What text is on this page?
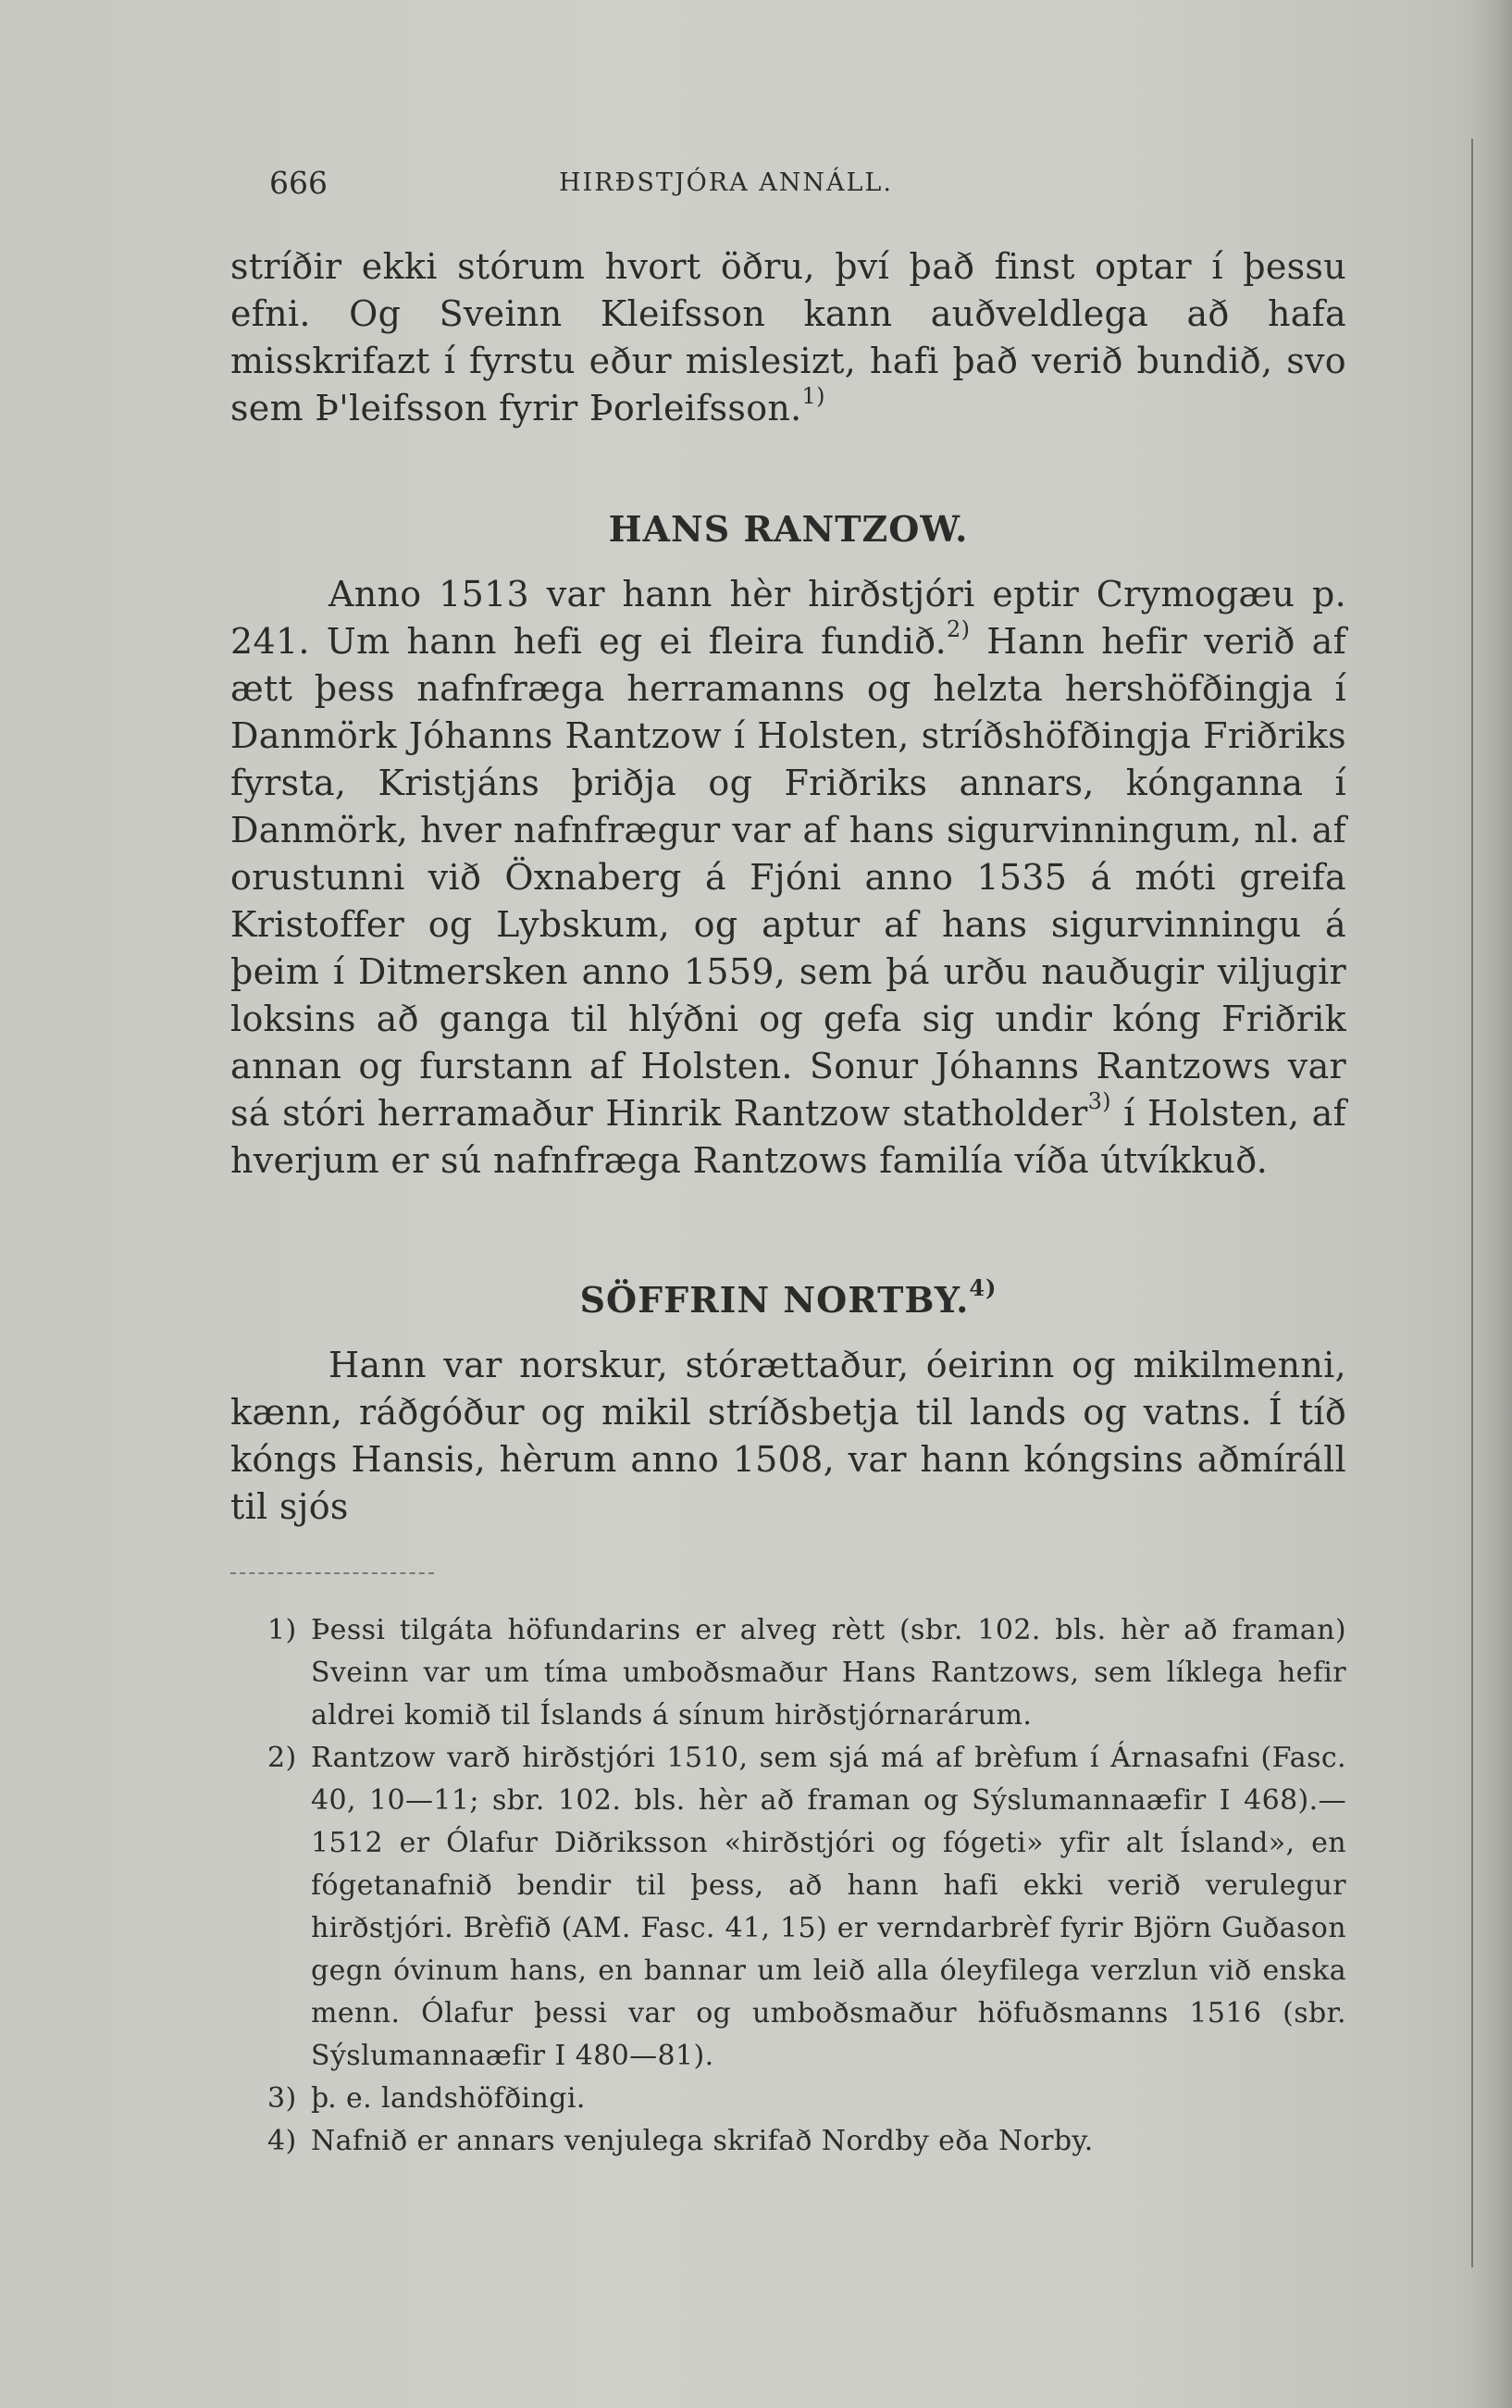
666	HIRÐSTJÓRA ANNÁLL.

stríðir ekki stórum hvort öðru, því það finst optar í þessu efni. Og Sveinn Kleifsson kann auðveldlega að hafa misskrifazt í fyrstu eður mislesizt, hafi það verið bundið, svo sem Þ'leifsson fyrir Þorleifsson.$^{1)}$

HANS RANTZOW.

Anno 1513 var hann hèr hirðstjóri eptir Crymogæu p. 241. Um hann hefi eg ei fleira fundið.$^{2)}$ Hann hefir verið af ætt þess nafnfræga herramanns og helzta hershöfðingja í Danmörk Jóhanns Rantzow í Holsten, stríðshöfðingja Friðriks fyrsta, Kristjáns þriðja og Friðriks annars, kónganna í Danmörk, hver nafnfrægur var af hans sigurvinningum, nl. af orustunni við Öxnaberg á Fjóni anno 1535 á móti greifa Kristoffer og Lybskum, og aptur af hans sigurvinningu á þeim í Ditmersken anno 1559, sem þá urðu nauðugir viljugir loksins að ganga til hlýðni og gefa sig undir kóng Friðrik annan og furstann af Holsten. Sonur Jóhanns Rantzows var sá stóri herramaður Hinrik Rantzow statholder$^{3)}$ í Holsten, af hverjum er sú nafnfræga Rantzows familía víða útvíkkuð.

SÖFFRIN NORTBY.$^{4)}$

Hann var norskur, stórættaður, óeirinn og mikilmenni, kænn, ráðgóður og mikil stríðsbetja til lands og vatns. Í tíð kóngs Hansis, hèrum anno 1508, var hann kóngsins aðmíráll til sjós

1) Þessi tilgáta höfundarins er alveg rètt (sbr. 102. bls. hèr að framan) Sveinn var um tíma umboðsmaður Hans Rantzows, sem líklega hefir aldrei komið til Íslands á sínum hirðstjórnarárum.

2) Rantzow varð hirðstjóri 1510, sem sjá má af brèfum í Árnasafni (Fasc. 40, 10—11; sbr. 102. bls. hèr að framan og Sýslumannaæfir I 468).— 1512 er Ólafur Diðriksson «hirðstjóri og fógeti» yfir alt Ísland», en fógetanafnið bendir til þess, að hann hafi ekki verið verulegur hirðstjóri. Brèfið (AM. Fasc. 41, 15) er verndarbrèf fyrir Björn Guðason gegn óvinum hans, en bannar um leið alla óleyfilega verzlun við enska menn. Ólafur þessi var og umboðsmaður höfuðsmanns 1516 (sbr. Sýslumannaæfir I 480—81).

3) þ. e. landshöfðingi.

4) Nafnið er annars venjulega skrifað Nordby eða Norby.
